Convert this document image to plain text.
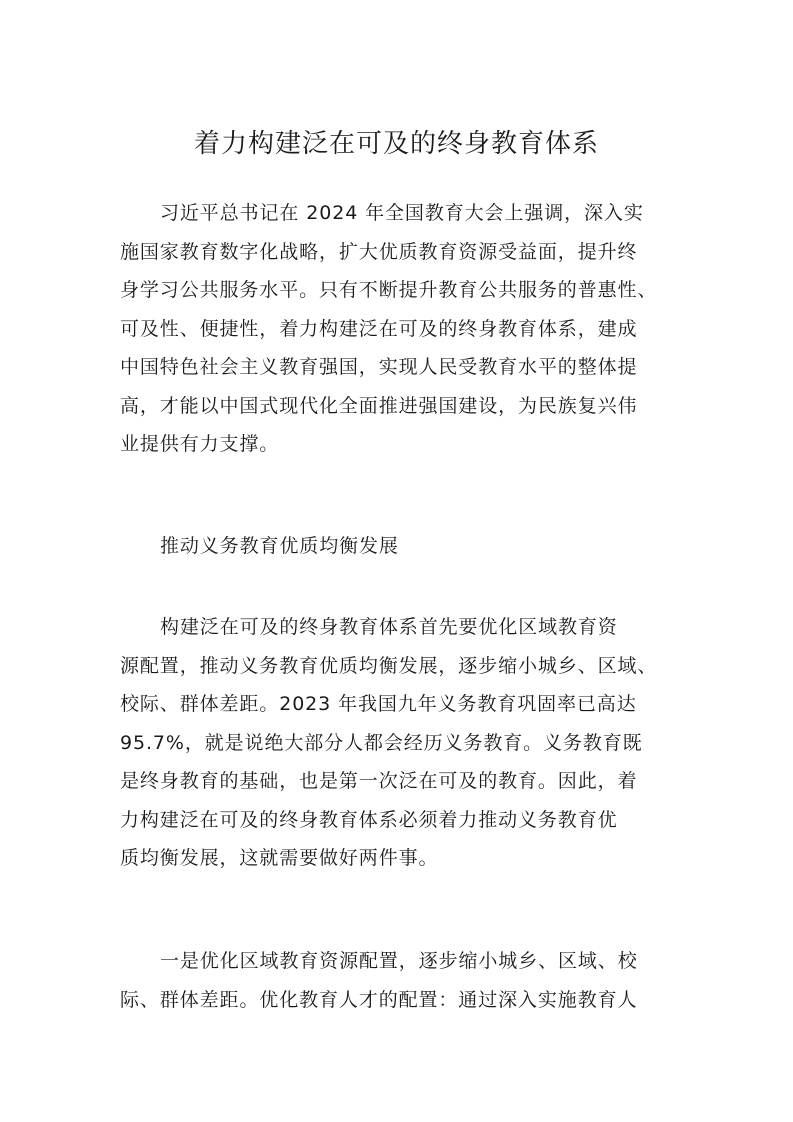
着力构建泛在可及的终身教育体系

习近平总书记在 2024 年全国教育大会上强调，深入实
施国家教育数字化战略，扩大优质教育资源受益面，提升终
身学习公共服务水平。只有不断提升教育公共服务的普惠性、
可及性、便捷性，着力构建泛在可及的终身教育体系，建成
中国特色社会主义教育强国，实现人民受教育水平的整体提
高，才能以中国式现代化全面推进强国建设，为民族复兴伟
业提供有力支撑。

推动义务教育优质均衡发展

构建泛在可及的终身教育体系首先要优化区域教育资
源配置，推动义务教育优质均衡发展，逐步缩小城乡、区域、
校际、群体差距。2023 年我国九年义务教育巩固率已高达
95.7%，就是说绝大部分人都会经历义务教育。义务教育既
是终身教育的基础，也是第一次泛在可及的教育。因此，着
力构建泛在可及的终身教育体系必须着力推动义务教育优
质均衡发展，这就需要做好两件事。

一是优化区域教育资源配置，逐步缩小城乡、区域、校
际、群体差距。优化教育人才的配置：通过深入实施教育人
